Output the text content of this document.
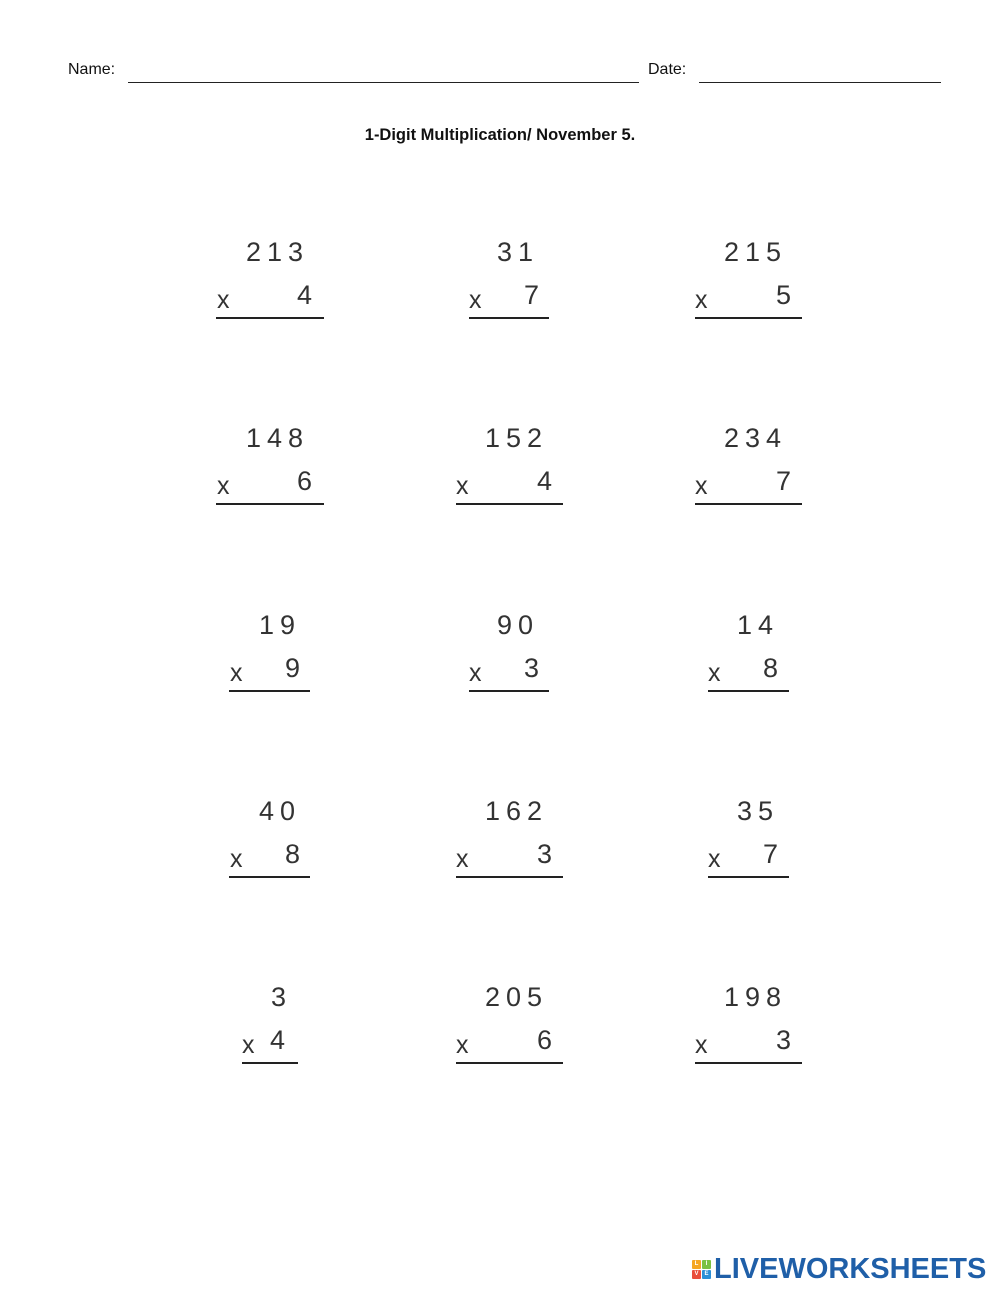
Name:	Date:
1-Digit Multiplication/ November 5.
213
x	4
31
x 7
215
x	5
148
x	6
152
x	4
234
x	7
19
x 9
90
x 3
14
x 8
40
x 8
162
x	3
35
x 7
3
x 4
205
x	6
198
x	3
L	I
V E LIVEWORKSHEETS
